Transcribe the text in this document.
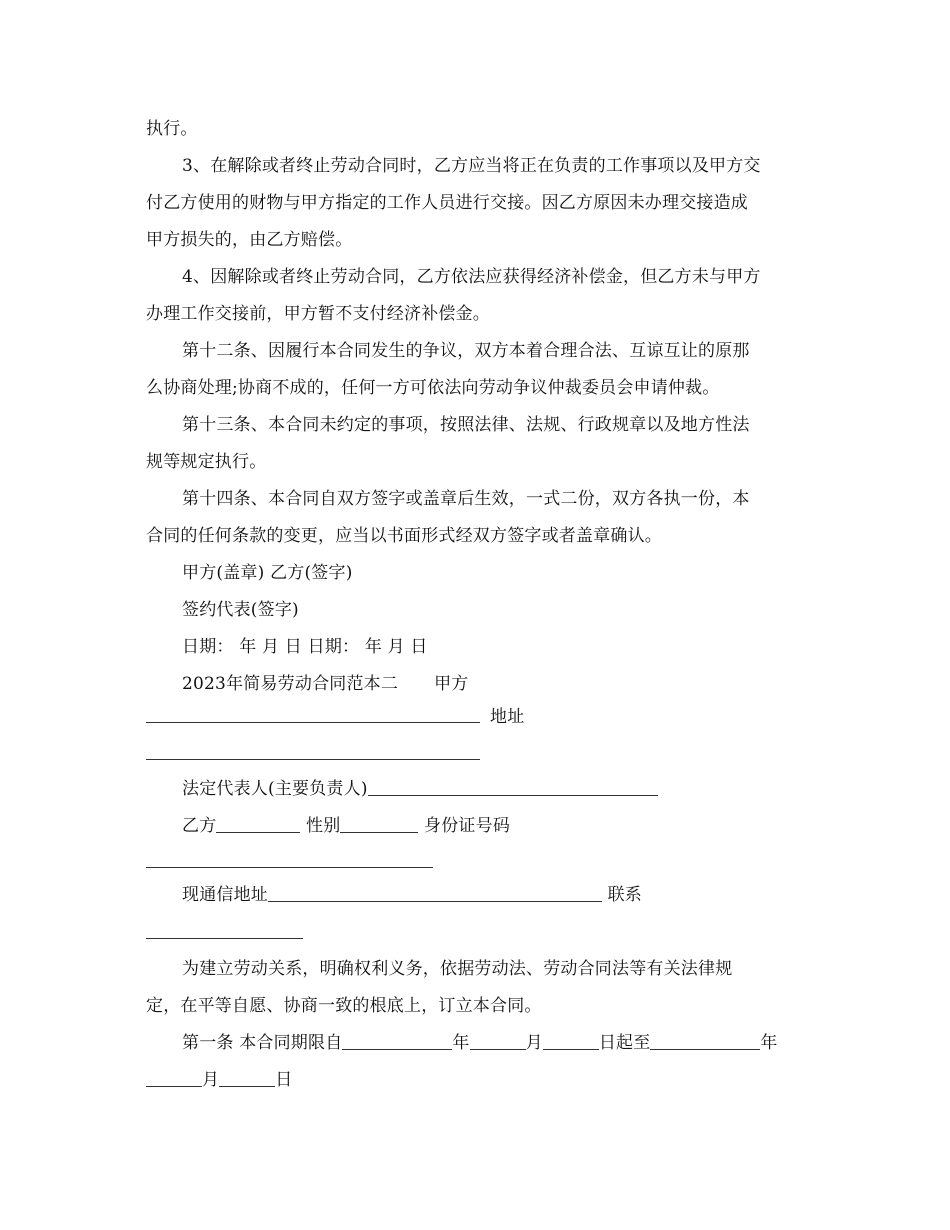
执行。
3、在解除或者终止劳动合同时，乙方应当将正在负责的工作事项以及甲方交
付乙方使用的财物与甲方指定的工作人员进行交接。因乙方原因未办理交接造成
甲方损失的，由乙方赔偿。
4、因解除或者终止劳动合同，乙方依法应获得经济补偿金，但乙方未与甲方
办理工作交接前，甲方暂不支付经济补偿金。
第十二条、因履行本合同发生的争议，双方本着合理合法、互谅互让的原那
么协商处理;协商不成的，任何一方可依法向劳动争议仲裁委员会申请仲裁。
第十三条、本合同未约定的事项，按照法律、法规、行政规章以及地方性法
规等规定执行。
第十四条、本合同自双方签字或盖章后生效，一式二份，双方各执一份，本
合同的任何条款的变更，应当以书面形式经双方签字或者盖章确认。
甲方(盖章) 乙方(签字)
签约代表(签字)
日期： 年 月 日 日期： 年 月 日
2023年简易劳动合同范本二 甲方
地址
法定代表人(主要负责人)
乙方	性别	身份证号码
现通信地址	联系
为建立劳动关系，明确权利义务，依据劳动法、劳动合同法等有关法律规
定，在平等自愿、协商一致的根底上，订立本合同。
第一条 本合同期限自	年	月	日起至	年
月	日
